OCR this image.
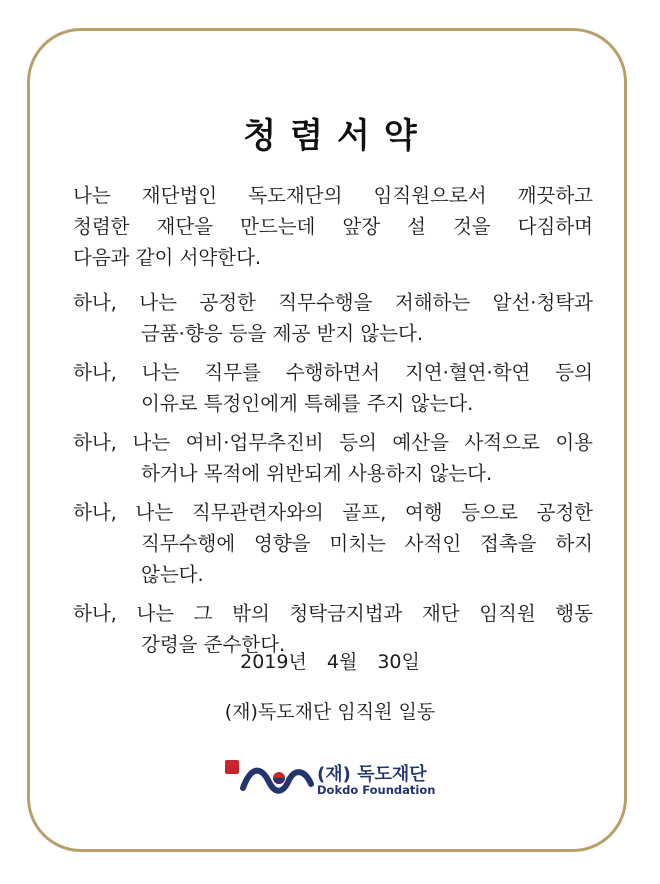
청렴서약
나는 재단법인 독도재단의 임직원으로서 깨끗하고
청렴한 재단을 만드는데 앞장 설 것을 다짐하며
다음과 같이 서약한다.
하나, 나는 공정한 직무수행을 저해하는 알선·청탁과
금품·향응 등을 제공 받지 않는다.
하나, 나는 직무를 수행하면서 지연·혈연·학연 등의
이유로 특정인에게 특혜를 주지 않는다.
하나, 나는 여비·업무추진비 등의 예산을 사적으로 이용
하거나 목적에 위반되게 사용하지 않는다.
하나, 나는 직무관련자와의 골프, 여행 등으로 공정한
직무수행에 영향을 미치는 사적인 접촉을 하지
않는다.
하나, 나는 그 밖의 청탁금지법과 재단 임직원 행동
강령을 준수한다.
2019년 4월 30일
(재)독도재단 임직원 일동
(재) 독도재단
Dokdo Foundation
